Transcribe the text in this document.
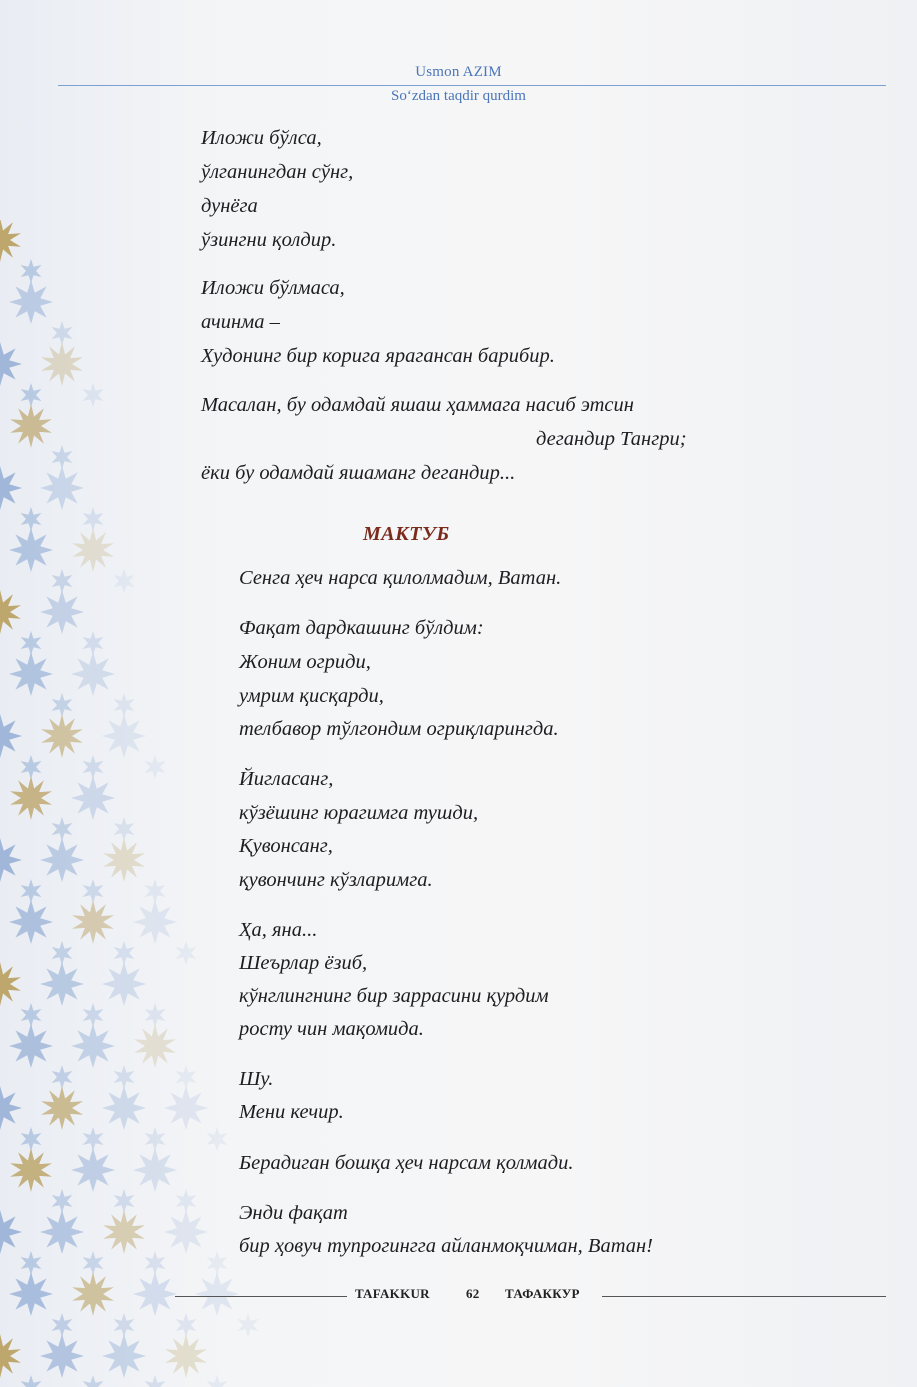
Usmon AZIM
So‘zdan taqdir qurdim
Иложи бўлса,
ўлганингдан сўнг,
дунёга
ўзингни қолдир.
Иложи бўлмаса,
ачинма –
Худонинг бир корига ярагансан барибир.
Масалан, бу одамдай яшаш ҳаммага насиб этсин
дегандир Тангри;
ёки бу одамдай яшаманг дегандир...
МАКТУБ
Сенга ҳеч нарса қилолмадим, Ватан.
Фақат дардкашинг бўлдим:
Жоним огриди,
умрим қисқарди,
телбавор тўлгондим огриқларингда.
Йигласанг,
кўзёшинг юрагимга тушди,
Қувонсанг,
қувончинг кўзларимга.
Ҳа, яна...
Шеърлар ёзиб,
кўнглингнинг бир заррасини қурдим
росту чин мақомида.
Шу.
Мени кечир.
Берадиган бошқа ҳеч нарсам қолмади.
Энди фақат
бир ҳовуч тупрогингга айланмоқчиман, Ватан!
TAFAKKUR	62 ТАФАККУР
